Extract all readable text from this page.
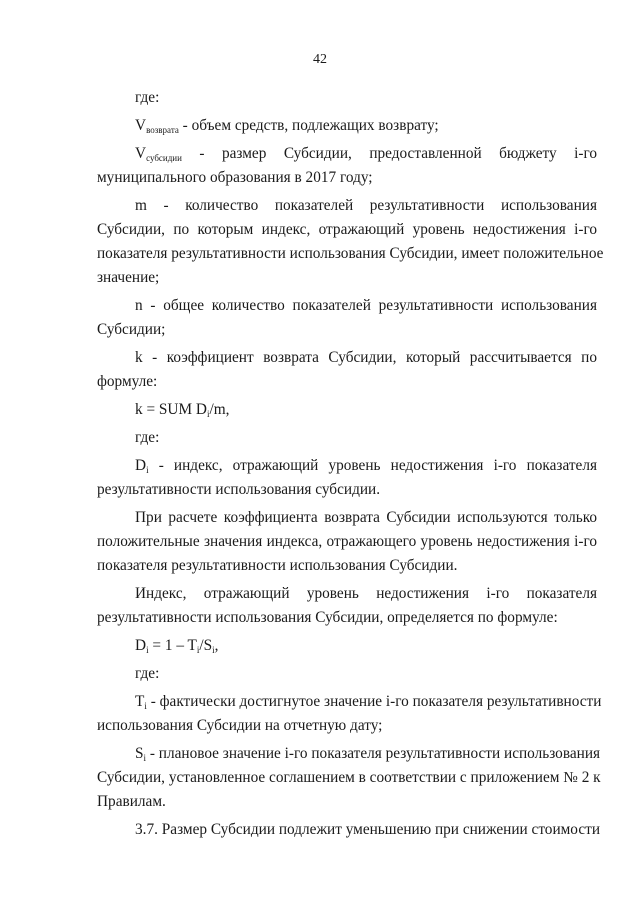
42
где:
$V_{возврата}$ - объем средств, подлежащих возврату;
$V_{субсидии}$ - размер Субсидии, предоставленной бюджету i-го
муниципального образования в 2017 году;
m - количество показателей результативности использования
Субсидии, по которым индекс, отражающий уровень недостижения i-го
показателя результативности использования Субсидии, имеет положительное
значение;
n - общее количество показателей результативности использования
Субсидии;
k - коэффициент возврата Субсидии, который рассчитывается по
формуле:
k = SUM $D_i/m$,
где:
$D_i$ - индекс, отражающий уровень недостижения i-го показателя
результативности использования субсидии.
При расчете коэффициента возврата Субсидии используются только
положительные значения индекса, отражающего уровень недостижения i-го
показателя результативности использования Субсидии.
Индекс, отражающий уровень недостижения i-го показателя
результативности использования Субсидии, определяется по формуле:
$D_i = 1 - T_i/S_i$,
где:
$T_i$ - фактически достигнутое значение i-го показателя результативности
использования Субсидии на отчетную дату;
$S_i$ - плановое значение i-го показателя результативности использования
Субсидии, установленное соглашением в соответствии с приложением № 2 к
Правилам.
3.7. Размер Субсидии подлежит уменьшению при снижении стоимости
